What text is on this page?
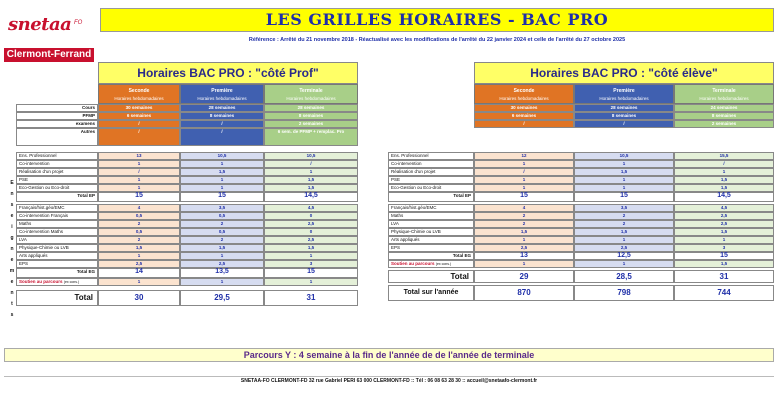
snetaa FO
Clermont-Ferrand
LES GRILLES HORAIRES - BAC PRO
Référence : Arrêté du 21 novembre 2018 - Réactualisé avec les modifications de l'arrêté du 22 janvier 2024 et celle de l'arrêté du 27 octobre 2025
Horaires BAC PRO : "côté Prof"
Seconde
Horaires hebdomadaires
Première
Horaires hebdomadaires
Terminale
Horaires hebdomadaires
Cours	30 semaines	28 semaines	28 semaines
PFMP	6 semaines	8 semaines	8 semaines
examens	/	/	2 semaines
Autres	/	/	6 sem. de PFMP + remplac. Pro
Ens. Professionnel	13	10,5	10,5
Co-intervention	1	1	/
Réalisation d'un projet	/	1,5	1
PSE	1	1	1,5
Eco-Gestion ou Eco-droit	1	1	1,5
Total EP	15	15	14,5
Français/hist.géo/EMC	4	3,5	4,5
Co-intervention Français	0,5	0,5	0
Maths	2	2	2,5
Co-intervention Maths	0,5	0,5	0
LVA	2	2	2,5
Physique-Chimie ou LVB	1,5	1,5	1,5
Arts appliqués	1	1	1
EPS	2,5	2,5	3
Total EG	14	13,5	15
Soutien au parcours (ex cons.)	1	1	1
Total	30	29,5	31
E
n
s
e
i
g
n
e
m
e
n
t
s
Horaires BAC PRO : "côté élève"
Seconde
Horaires hebdomadaires
Première
Horaires hebdomadaires
Terminale
Horaires hebdomadaires
30 semaines	28 semaines	24 semaines
6 semaines	8 semaines	8 semaines
/	/	2 semaines
Ens. Professionnel	12	10,5	15,5
Co-intervention	1	1	/
Réalisation d'un projet	/	1,5	1
PSE	1	1	1,5
Eco-Gestion ou Eco-droit	1	1	1,5
Total EP	15	15	14,5
Français/hist.géo/EMC	4	3,5	4,5
Maths	2	2	2,5
LVA	2	2	2,5
Physique-Chimie ou LVB	1,5	1,5	1,5
Arts appliqués	1	1	1
EPS	2,5	2,5	3
Total EG	13	12,5	15
Soutien au parcours (ex cons.)	1	1	1,5
Total	29	28,5	31
Total sur l'année	870	798	744
Parcours Y : 4 semaine à la fin de l'année de de l'année de terminale
SNETAA-FO CLERMONT-FD 32 rue Gabriel PERI 63 000 CLERMONT-FD :: Tél : 06 08 63 28 30 :: accueil@snetaafo-clermont.fr
